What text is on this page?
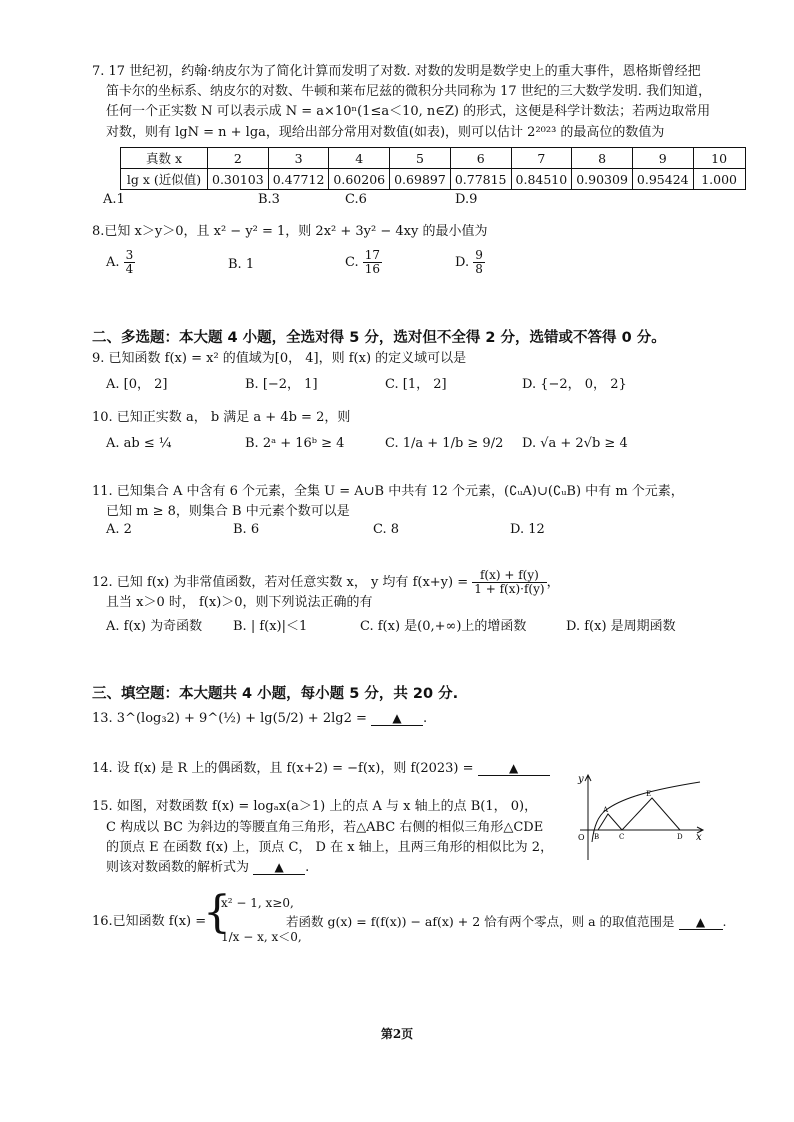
7. 17 世纪初，约翰·纳皮尔为了简化计算而发明了对数. 对数的发明是数学史上的重大事件，恩格斯曾经把
笛卡尔的坐标系、纳皮尔的对数、牛顿和莱布尼兹的微积分共同称为 17 世纪的三大数学发明. 我们知道，
任何一个正实数 N 可以表示成 N = a×10ⁿ(1≤a＜10, n∈Z) 的形式，这便是科学计数法；若两边取常用
对数，则有 lgN = n + lga，现给出部分常用对数值(如表)，则可以估计 2²⁰²³ 的最高位的数值为
真数 x	2	3	4	5	6	7	8	9	10
lg x (近似值)	0.30103	0.47712	0.60206	0.69897	0.77815	0.84510	0.90309	0.95424	1.000
A.1	B.3	C.6	D.9
8.已知 x＞y＞0，且 x² − y² = 1，则 2x² + 3y² − 4xy 的最小值为
A. $\frac{3}{4}$	B. 1	C. $\frac{17}{16}$	D. $\frac{9}{8}$
二、多选题：本大题 4 小题，全选对得 5 分，选对但不全得 2 分，选错或不答得 0 分。
9. 已知函数 f(x) = x² 的值域为[0， 4]，则 f(x) 的定义域可以是
A. [0， 2]	B. [−2， 1]	C. [1， 2]	D. {−2， 0， 2}
10. 已知正实数 a， b 满足 a + 4b = 2，则
A. ab ≤ ¼	B. 2ᵃ + 16ᵇ ≥ 4	C. 1/a + 1/b ≥ 9/2 D. √a + 2√b ≥ 4
11. 已知集合 A 中含有 6 个元素，全集 U = A∪B 中共有 12 个元素，(∁ᵤA)∪(∁ᵤB) 中有 m 个元素，
已知 m ≥ 8，则集合 B 中元素个数可以是
A. 2	B. 6	C. 8	D. 12
12. 已知 f(x) 为非常值函数，若对任意实数 x， y 均有 $f(x+y) = \frac{f(x) + f(y)}{1 + f(x)\cdot f(y)}$ ，
且当 x＞0 时， f(x)＞0，则下列说法正确的有
A. f(x) 为奇函数 B. | f(x)|＜1	C. f(x) 是(0,+∞)上的增函数	D. f(x) 是周期函数
三、填空题：本大题共 4 小题，每小题 5 分，共 20 分.
13. 3^(log₃2) + 9^(½) + lg(5/2) + 2lg2 = ▲ .
14. 设 f(x) 是 R 上的偶函数，且 f(x+2) = −f(x)，则 f(2023) =	▲
15. 如图，对数函数 f(x) = logₐx(a＞1) 上的点 A 与 x 轴上的点 B(1， 0)，
C 构成以 BC 为斜边的等腰直角三角形，若△ABC 右侧的相似三角形△CDE
的顶点 E 在函数 f(x) 上，顶点 C， D 在 x 轴上，且两三角形的相似比为 2，
则该对数函数的解析式为 ▲ .
y
x
O B	C	D
A
E
16.已知函数 f(x) =
{
x² − 1, x≥0,
1/x − x, x＜0,
若函数 g(x) = f(f(x)) − af(x) + 2 恰有两个零点，则 a 的取值范围是 ▲ .
第2页
